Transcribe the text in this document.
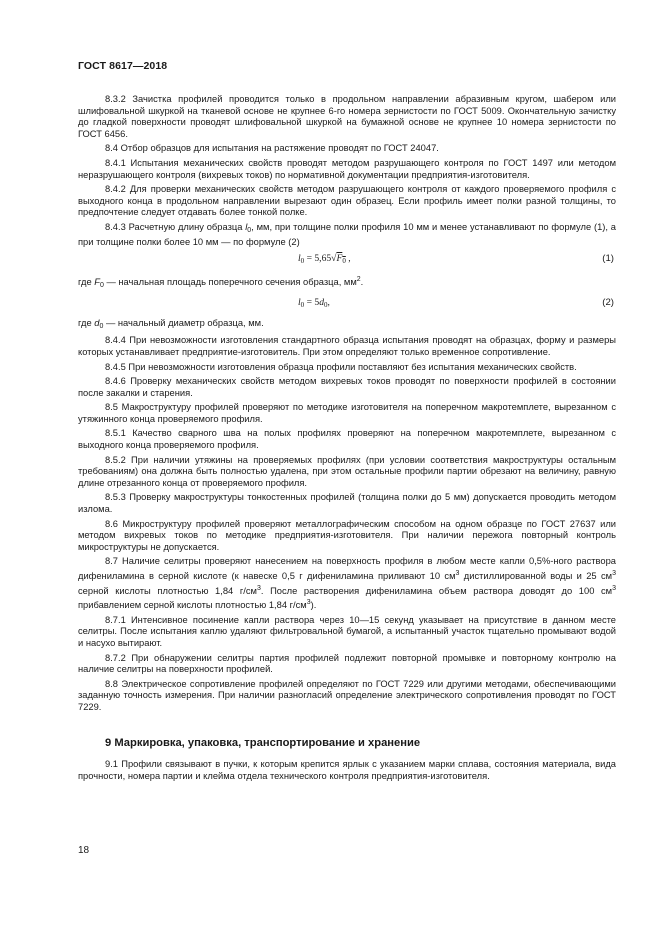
ГОСТ 8617—2018

8.3.2 Зачистка профилей проводится только в продольном направлении абразивным кругом, шабером или шлифовальной шкуркой на тканевой основе не крупнее 6-го номера зернистости по ГОСТ 5009. Окончательную зачистку до гладкой поверхности проводят шлифовальной шкуркой на бумажной основе не крупнее 10 номера зернистости по ГОСТ 6456.

8.4 Отбор образцов для испытания на растяжение проводят по ГОСТ 24047.

8.4.1 Испытания механических свойств проводят методом разрушающего контроля по ГОСТ 1497 или методом неразрушающего контроля (вихревых токов) по нормативной документации предприятия-изготовителя.

8.4.2 Для проверки механических свойств методом разрушающего контроля от каждого проверяемого профиля с выходного конца в продольном направлении вырезают один образец. Если профиль имеет полки разной толщины, то предпочтение следует отдавать более тонкой полке.

8.4.3 Расчетную длину образца $l_0$, мм, при толщине полки профиля 10 мм и менее устанавливают по формуле (1), а при толщине полки более 10 мм — по формуле (2)

$l_0 = 5,65√F_0$ ,	(1)

где $F_0$ — начальная площадь поперечного сечения образца, $мм^2$.

$l_0 = 5d_0$,	(2)

где $d_0$ — начальный диаметр образца, мм.

8.4.4 При невозможности изготовления стандартного образца испытания проводят на образцах, форму и размеры которых устанавливает предприятие-изготовитель. При этом определяют только временное сопротивление.

8.4.5 При невозможности изготовления образца профили поставляют без испытания механических свойств.

8.4.6 Проверку механических свойств методом вихревых токов проводят по поверхности профилей в состоянии после закалки и старения.

8.5 Макроструктуру профилей проверяют по методике изготовителя на поперечном макротемплете, вырезанном с утяжинного конца проверяемого профиля.

8.5.1 Качество сварного шва на полых профилях проверяют на поперечном макротемплете, вырезанном с выходного конца проверяемого профиля.

8.5.2 При наличии утяжины на проверяемых профилях (при условии соответствия макроструктуры остальным требованиям) она должна быть полностью удалена, при этом остальные профили партии обрезают на величину, равную длине отрезанного конца от проверяемого профиля.

8.5.3 Проверку макроструктуры тонкостенных профилей (толщина полки до 5 мм) допускается проводить методом излома.

8.6 Микроструктуру профилей проверяют металлографическим способом на одном образце по ГОСТ 27637 или методом вихревых токов по методике предприятия-изготовителя. При наличии пережога повторный контроль микроструктуры не допускается.

8.7 Наличие селитры проверяют нанесением на поверхность профиля в любом месте капли 0,5%-ного раствора дифениламина в серной кислоте (к навеске 0,5 г дифениламина приливают 10 $см^3$ дистиллированной воды и 25 $см^3$ серной кислоты плотностью 1,84 $г/см^3$. После растворения дифениламина объем раствора доводят до 100 $см^3$ прибавлением серной кислоты плотностью 1,84 $г/см^3$).

8.7.1 Интенсивное посинение капли раствора через 10—15 секунд указывает на присутствие в данном месте селитры. После испытания каплю удаляют фильтровальной бумагой, а испытанный участок тщательно промывают водой и насухо вытирают.

8.7.2 При обнаружении селитры партия профилей подлежит повторной промывке и повторному контролю на наличие селитры на поверхности профилей.

8.8 Электрическое сопротивление профилей определяют по ГОСТ 7229 или другими методами, обеспечивающими заданную точность измерения. При наличии разногласий определение электрического сопротивления проводят по ГОСТ 7229.

9 Маркировка, упаковка, транспортирование и хранение

9.1 Профили связывают в пучки, к которым крепится ярлык с указанием марки сплава, состояния материала, вида прочности, номера партии и клейма отдела технического контроля предприятия-изготовителя.

18
